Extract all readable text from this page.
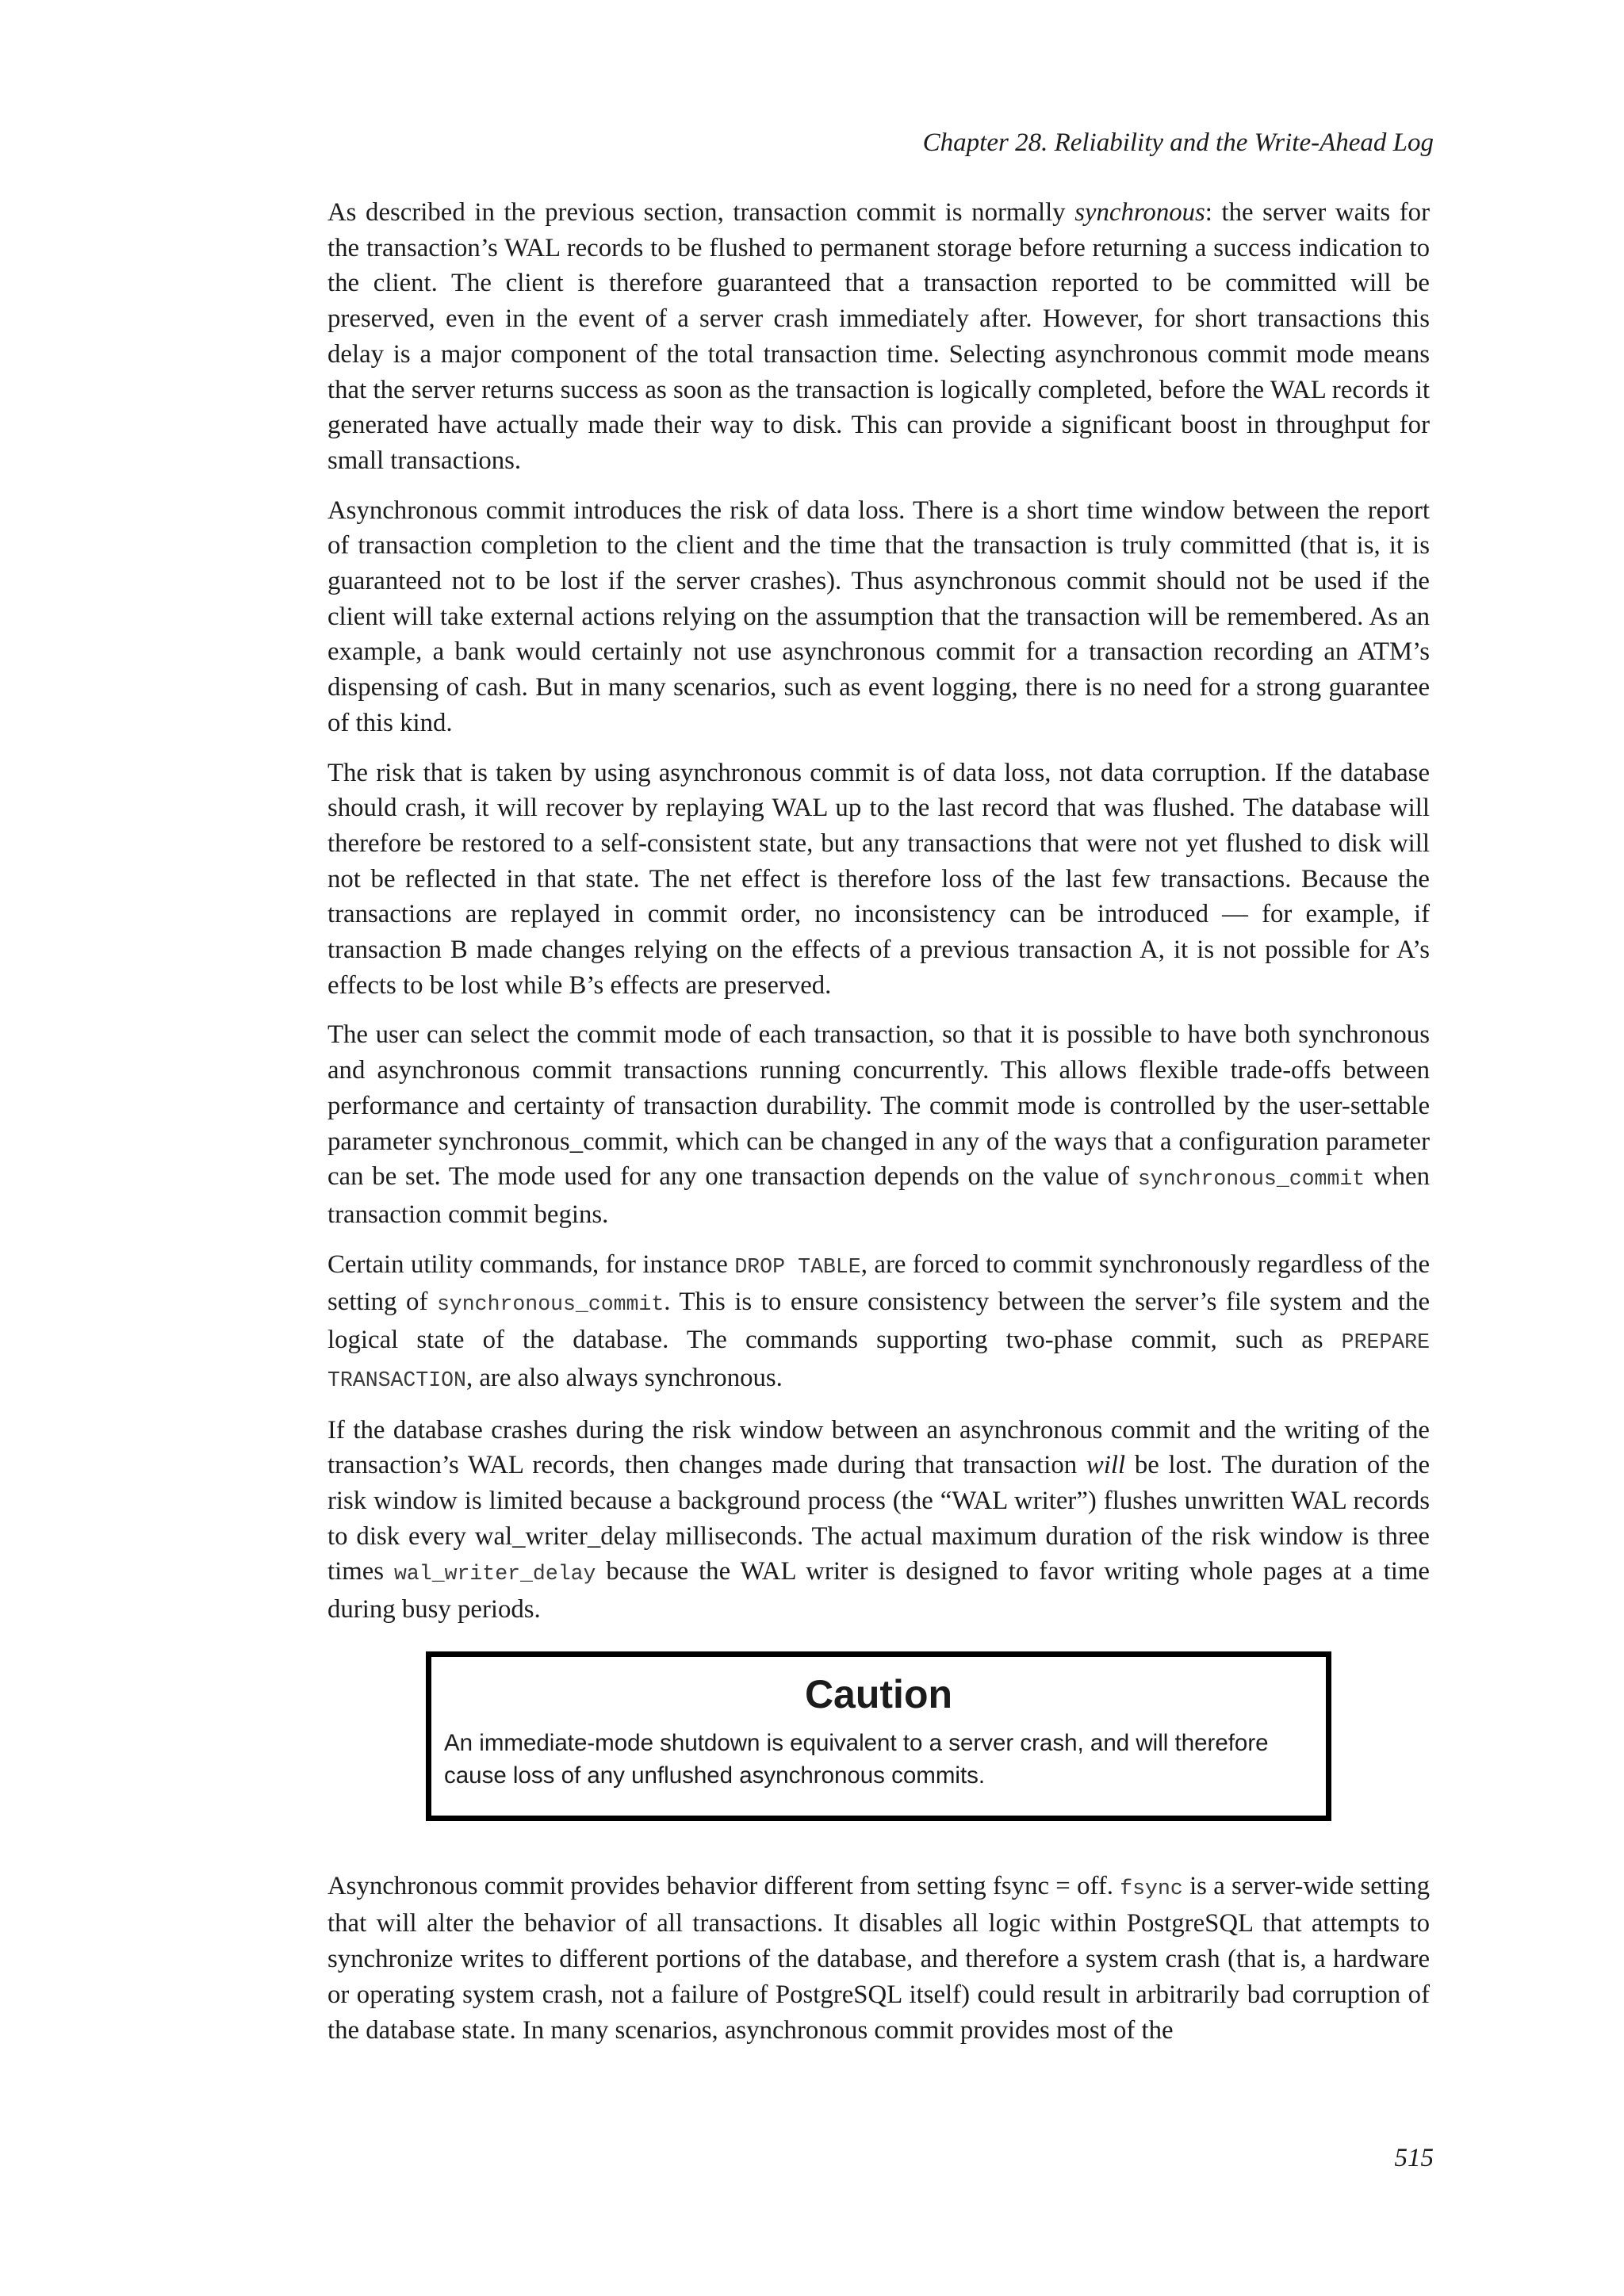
Chapter 28. Reliability and the Write-Ahead Log

As described in the previous section, transaction commit is normally synchronous: the server waits for the transaction’s WAL records to be flushed to permanent storage before returning a success indication to the client. The client is therefore guaranteed that a transaction reported to be committed will be preserved, even in the event of a server crash immediately after. However, for short transactions this delay is a major component of the total transaction time. Selecting asynchronous commit mode means that the server returns success as soon as the transaction is logically completed, before the WAL records it generated have actually made their way to disk. This can provide a significant boost in throughput for small transactions.

Asynchronous commit introduces the risk of data loss. There is a short time window between the report of transaction completion to the client and the time that the transaction is truly committed (that is, it is guaranteed not to be lost if the server crashes). Thus asynchronous commit should not be used if the client will take external actions relying on the assumption that the transaction will be remembered. As an example, a bank would certainly not use asynchronous commit for a transaction recording an ATM’s dispensing of cash. But in many scenarios, such as event logging, there is no need for a strong guarantee of this kind.

The risk that is taken by using asynchronous commit is of data loss, not data corruption. If the database should crash, it will recover by replaying WAL up to the last record that was flushed. The database will therefore be restored to a self-consistent state, but any transactions that were not yet flushed to disk will not be reflected in that state. The net effect is therefore loss of the last few transactions. Because the transactions are replayed in commit order, no inconsistency can be introduced — for example, if transaction B made changes relying on the effects of a previous transaction A, it is not possible for A’s effects to be lost while B’s effects are preserved.

The user can select the commit mode of each transaction, so that it is possible to have both synchronous and asynchronous commit transactions running concurrently. This allows flexible trade-offs between performance and certainty of transaction durability. The commit mode is controlled by the user-settable parameter synchronous_commit, which can be changed in any of the ways that a configuration parameter can be set. The mode used for any one transaction depends on the value of synchronous_commit when transaction commit begins.

Certain utility commands, for instance DROP TABLE, are forced to commit synchronously regardless of the setting of synchronous_commit. This is to ensure consistency between the server’s file system and the logical state of the database. The commands supporting two-phase commit, such as PREPARE TRANSACTION, are also always synchronous.

If the database crashes during the risk window between an asynchronous commit and the writing of the transaction’s WAL records, then changes made during that transaction will be lost. The duration of the risk window is limited because a background process (the “WAL writer”) flushes unwritten WAL records to disk every wal_writer_delay milliseconds. The actual maximum duration of the risk window is three times wal_writer_delay because the WAL writer is designed to favor writing whole pages at a time during busy periods.

Caution

An immediate-mode shutdown is equivalent to a server crash, and will therefore cause loss of any unflushed asynchronous commits.

Asynchronous commit provides behavior different from setting fsync = off. fsync is a server-wide setting that will alter the behavior of all transactions. It disables all logic within PostgreSQL that attempts to synchronize writes to different portions of the database, and therefore a system crash (that is, a hardware or operating system crash, not a failure of PostgreSQL itself) could result in arbitrarily bad corruption of the database state. In many scenarios, asynchronous commit provides most of the

515
